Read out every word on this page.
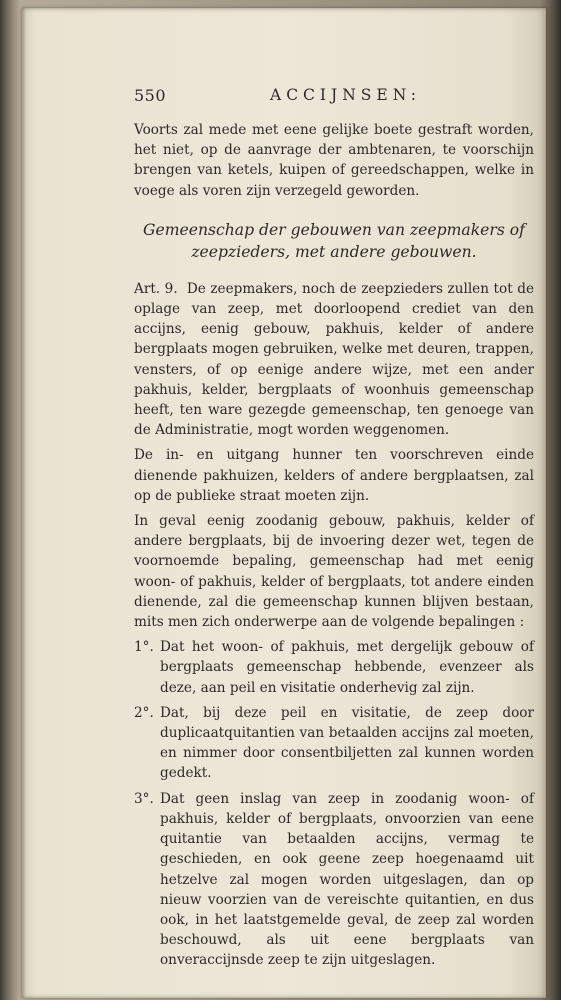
550	ACCIJNSEN:

Voorts zal mede met eene gelijke boete gestraft worden, het niet, op de aanvrage der ambtenaren, te voorschijn brengen van ketels, kuipen of gereedschappen, welke in voege als voren zijn verzegeld geworden.

Gemeenschap der gebouwen van zeepmakers of zeepzieders, met andere gebouwen.

Art. 9. De zeepmakers, noch de zeepzieders zullen tot de oplage van zeep, met doorloopend crediet van den accijns, eenig gebouw, pakhuis, kelder of andere bergplaats mogen gebruiken, welke met deuren, trappen, vensters, of op eenige andere wijze, met een ander pakhuis, kelder, bergplaats of woonhuis gemeenschap heeft, ten ware gezegde gemeenschap, ten genoege van de Administratie, mogt worden weggenomen.

De in- en uitgang hunner ten voorschreven einde dienende pakhuizen, kelders of andere bergplaatsen, zal op de publieke straat moeten zijn.

In geval eenig zoodanig gebouw, pakhuis, kelder of andere bergplaats, bij de invoering dezer wet, tegen de voornoemde bepaling, gemeenschap had met eenig woon- of pakhuis, kelder of bergplaats, tot andere einden dienende, zal die gemeenschap kunnen blijven bestaan, mits men zich onderwerpe aan de volgende bepalingen :

1°. Dat het woon- of pakhuis, met dergelijk gebouw of bergplaats gemeenschap hebbende, evenzeer als deze, aan peil en visitatie onderhevig zal zijn.
2°. Dat, bij deze peil en visitatie, de zeep door duplicaatquitantien van betaalden accijns zal moeten, en nimmer door consentbiljetten zal kunnen worden gedekt.
3°. Dat geen inslag van zeep in zoodanig woon- of pakhuis, kelder of bergplaats, onvoorzien van eene quitantie van betaalden accijns, vermag te geschieden, en ook geene zeep hoegenaamd uit hetzelve zal mogen worden uitgeslagen, dan op nieuw voorzien van de vereischte quitantien, en dus ook, in het laatstgemelde geval, de zeep zal worden beschouwd, als uit eene bergplaats van onveraccijnsde zeep te zijn uitgeslagen.
